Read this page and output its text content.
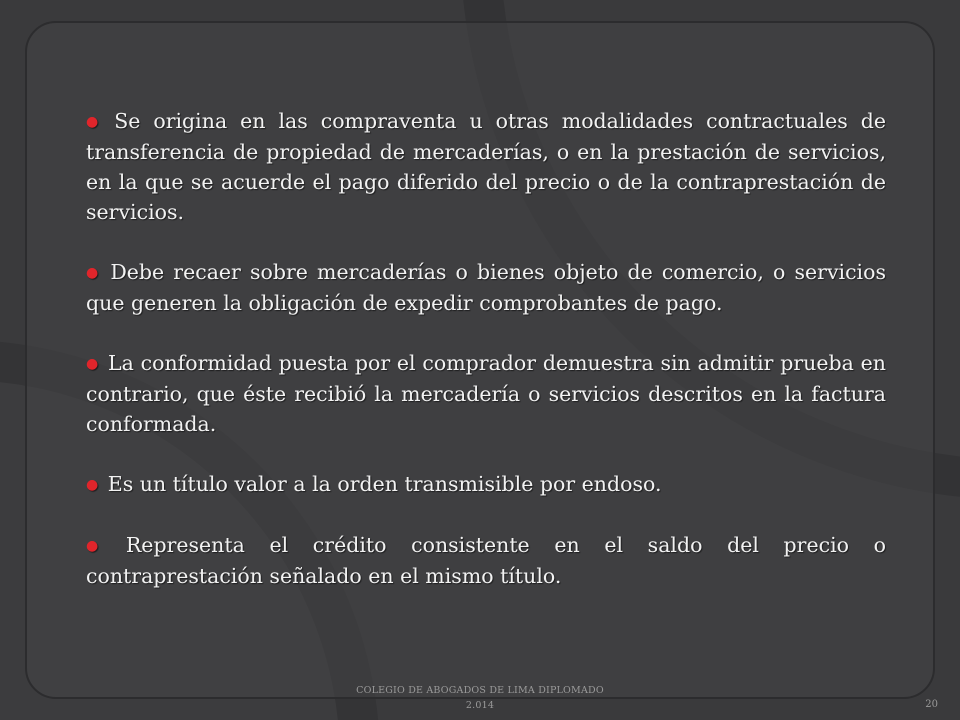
● Se origina en las compraventa u otras modalidades contractuales de transferencia de propiedad de mercaderías, o en la prestación de servicios, en la que se acuerde el pago diferido del precio o de la contraprestación de servicios.
● Debe recaer sobre mercaderías o bienes objeto de comercio, o servicios que generen la obligación de expedir comprobantes de pago.
● La conformidad puesta por el comprador demuestra sin admitir prueba en contrario, que éste recibió la mercadería o servicios descritos en la factura conformada.
● Es un título valor a la orden transmisible por endoso.
● Representa el crédito consistente en el saldo del precio o contraprestación señalado en el mismo título.
COLEGIO DE ABOGADOS DE LIMA DIPLOMADO
2.014	20
